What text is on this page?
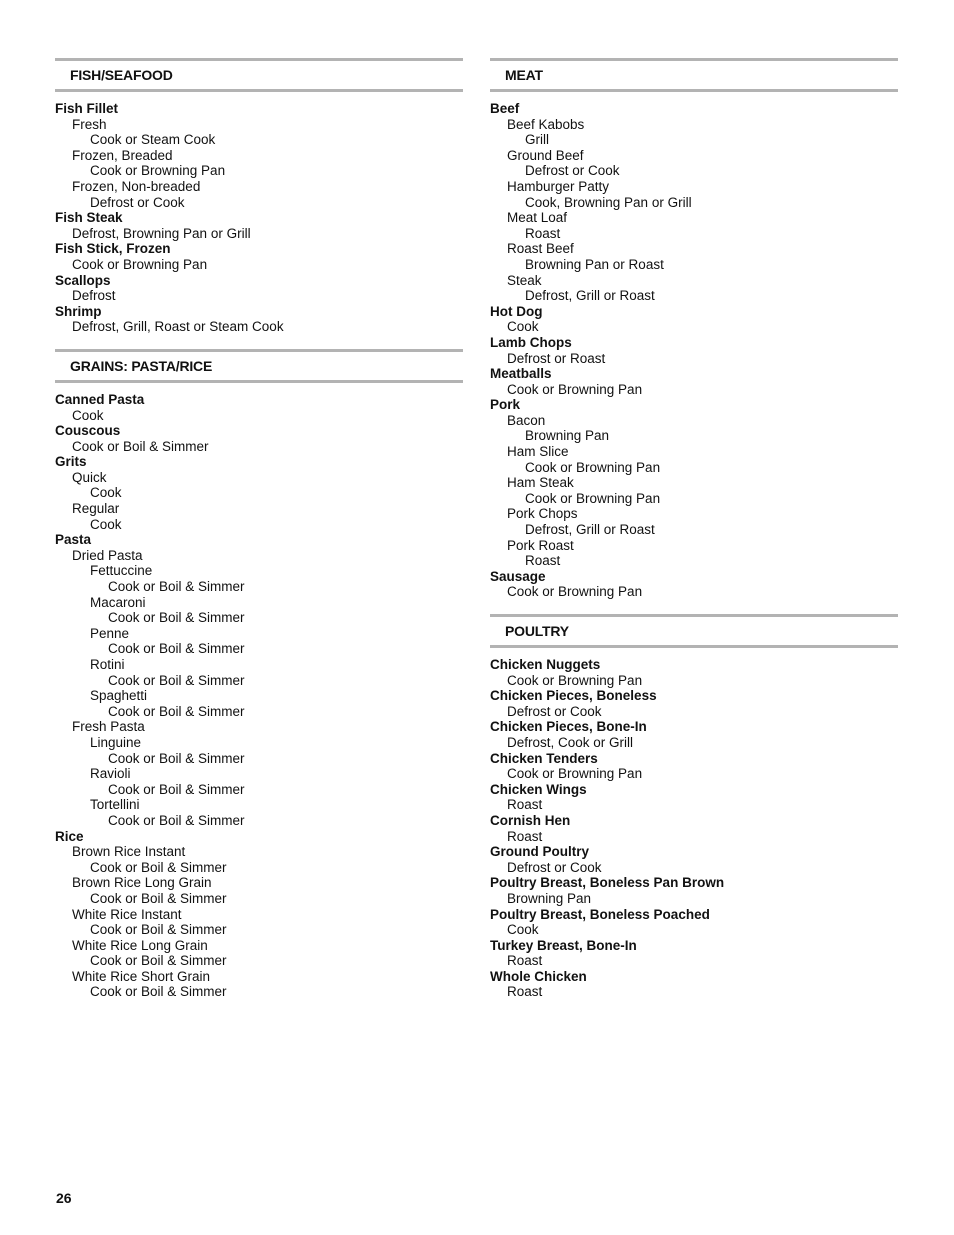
FISH/SEAFOOD
Fish Fillet
Fresh
Cook or Steam Cook
Frozen, Breaded
Cook or Browning Pan
Frozen, Non-breaded
Defrost or Cook
Fish Steak
Defrost, Browning Pan or Grill
Fish Stick, Frozen
Cook or Browning Pan
Scallops
Defrost
Shrimp
Defrost, Grill, Roast or Steam Cook
GRAINS: PASTA/RICE
Canned Pasta
Cook
Couscous
Cook or Boil & Simmer
Grits
Quick
Cook
Regular
Cook
Pasta
Dried Pasta
Fettuccine
Cook or Boil & Simmer
Macaroni
Cook or Boil & Simmer
Penne
Cook or Boil & Simmer
Rotini
Cook or Boil & Simmer
Spaghetti
Cook or Boil & Simmer
Fresh Pasta
Linguine
Cook or Boil & Simmer
Ravioli
Cook or Boil & Simmer
Tortellini
Cook or Boil & Simmer
Rice
Brown Rice Instant
Cook or Boil & Simmer
Brown Rice Long Grain
Cook or Boil & Simmer
White Rice Instant
Cook or Boil & Simmer
White Rice Long Grain
Cook or Boil & Simmer
White Rice Short Grain
Cook or Boil & Simmer
MEAT
Beef
Beef Kabobs
Grill
Ground Beef
Defrost or Cook
Hamburger Patty
Cook, Browning Pan or Grill
Meat Loaf
Roast
Roast Beef
Browning Pan or Roast
Steak
Defrost, Grill or Roast
Hot Dog
Cook
Lamb Chops
Defrost or Roast
Meatballs
Cook or Browning Pan
Pork
Bacon
Browning Pan
Ham Slice
Cook or Browning Pan
Ham Steak
Cook or Browning Pan
Pork Chops
Defrost, Grill or Roast
Pork Roast
Roast
Sausage
Cook or Browning Pan
POULTRY
Chicken Nuggets
Cook or Browning Pan
Chicken Pieces, Boneless
Defrost or Cook
Chicken Pieces, Bone-In
Defrost, Cook or Grill
Chicken Tenders
Cook or Browning Pan
Chicken Wings
Roast
Cornish Hen
Roast
Ground Poultry
Defrost or Cook
Poultry Breast, Boneless Pan Brown
Browning Pan
Poultry Breast, Boneless Poached
Cook
Turkey Breast, Bone-In
Roast
Whole Chicken
Roast
26
